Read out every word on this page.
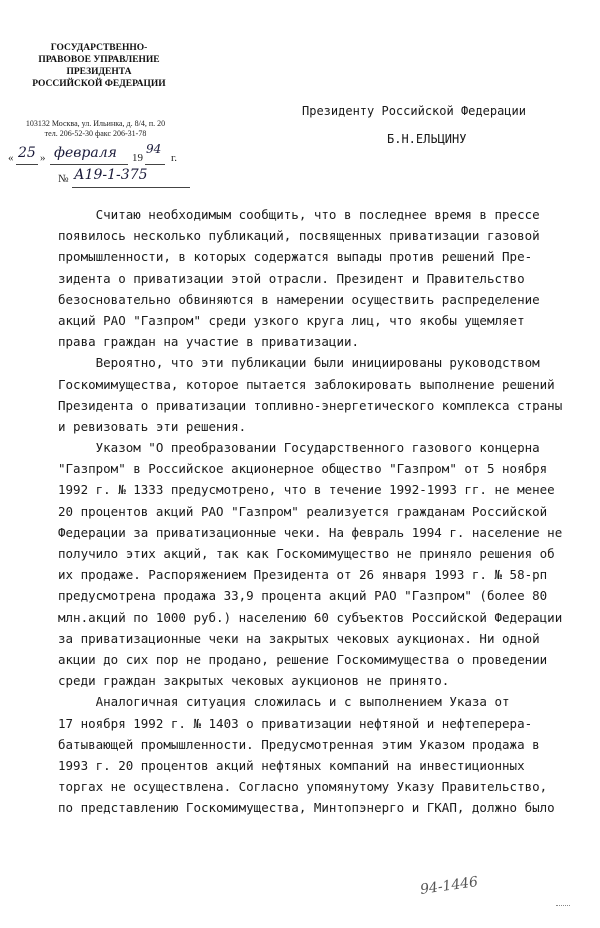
ГОСУДАРСТВЕННО-
ПРАВОВОЕ УПРАВЛЕНИЕ
ПРЕЗИДЕНТА
РОССИЙСКОЙ ФЕДЕРАЦИИ
103132 Москва, ул. Ильинка, д. 8/4, п. 20
тел. 206-52-30 факс 206-31-78
Президенту Российской Федерации
Б.Н.ЕЛЬЦИНУ
« 25 » февраля 19
94
г.
№ А19-1-375
Считаю необходимым сообщить, что в последнее время в прессе
появилось несколько публикаций, посвященных приватизации газовой
промышленности, в которых содержатся выпады против решений Пре-
зидента о приватизации этой отрасли. Президент и Правительство
безосновательно обвиняются в намерении осуществить распределение
акций РАО "Газпром" среди узкого круга лиц, что якобы ущемляет
права граждан на участие в приватизации.
Вероятно, что эти публикации были инициированы руководством
Госкомимущества, которое пытается заблокировать выполнение решений
Президента о приватизации топливно-энергетического комплекса страны
и ревизовать эти решения.
Указом "О преобразовании Государственного газового концерна
"Газпром" в Российское акционерное общество "Газпром" от 5 ноября
1992 г. № 1333 предусмотрено, что в течение 1992-1993 гг. не менее
20 процентов акций РАО "Газпром" реализуется гражданам Российской
Федерации за приватизационные чеки. На февраль 1994 г. население не
получило этих акций, так как Госкомимущество не приняло решения об
их продаже. Распоряжением Президента от 26 января 1993 г. № 58-рп
предусмотрена продажа 33,9 процента акций РАО "Газпром" (более 80
млн.акций по 1000 руб.) населению 60 субъектов Российской Федерации
за приватизационные чеки на закрытых чековых аукционах. Ни одной
акции до сих пор не продано, решение Госкомимущества о проведении
среди граждан закрытых чековых аукционов не принято.
Аналогичная ситуация сложилась и с выполнением Указа от
17 ноября 1992 г. № 1403 о приватизации нефтяной и нефтеперера-
батывающей промышленности. Предусмотренная этим Указом продажа в
1993 г. 20 процентов акций нефтяных компаний на инвестиционных
торгах не осуществлена. Согласно упомянутому Указу Правительство,
по представлению Госкомимущества, Минтопэнерго и ГКАП, должно было
94-1446
